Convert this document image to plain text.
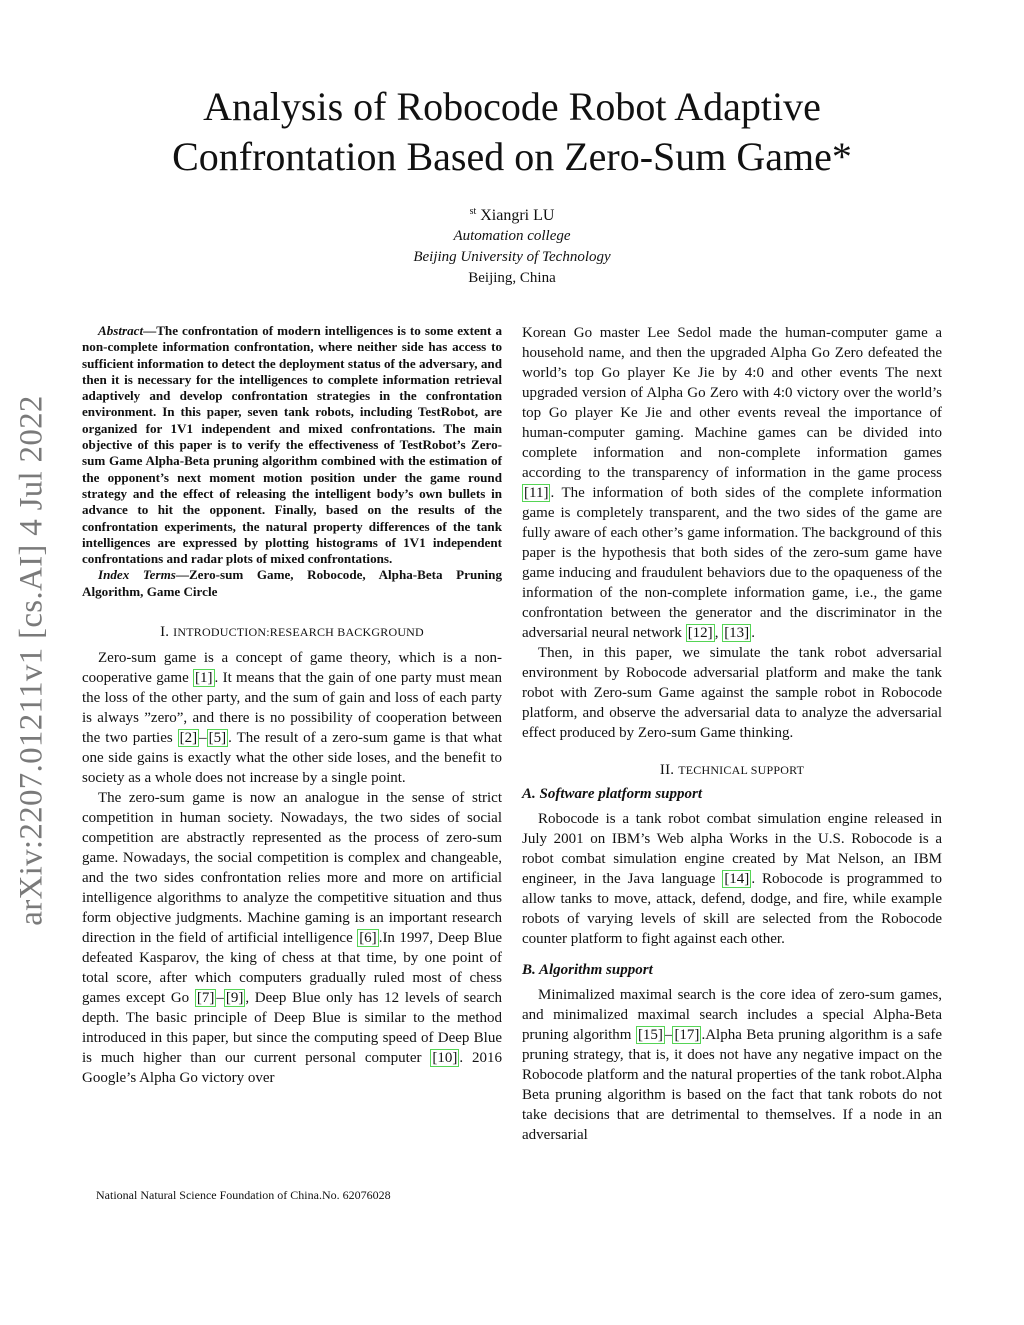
arXiv:2207.01211v1 [cs.AI] 4 Jul 2022
Analysis of Robocode Robot Adaptive
Confrontation Based on Zero-Sum Game*
$^{st}$ Xiangri LU
Automation college
Beijing University of Technology
Beijing, China

Abstract—The confrontation of modern intelligences is to some extent a non-complete information confrontation, where neither side has access to sufficient information to detect the deployment status of the adversary, and then it is necessary for the intelligences to complete information retrieval adaptively and develop confrontation strategies in the confrontation environment. In this paper, seven tank robots, including TestRobot, are organized for 1V1 independent and mixed confrontations. The main objective of this paper is to verify the effectiveness of TestRobot’s Zero-sum Game Alpha-Beta pruning algorithm combined with the estimation of the opponent’s next moment motion position under the game round strategy and the effect of releasing the intelligent body’s own bullets in advance to hit the opponent. Finally, based on the results of the confrontation experiments, the natural property differences of the tank intelligences are expressed by plotting histograms of 1V1 independent confrontations and radar plots of mixed confrontations.

Index Terms—Zero-sum Game, Robocode, Alpha-Beta Pruning Algorithm, Game Circle

I. INTRODUCTION:RESEARCH BACKGROUND

Zero-sum game is a concept of game theory, which is a non-cooperative game [1] . It means that the gain of one party must mean the loss of the other party, and the sum of gain and loss of each party is always ”zero”, and there is no possibility of cooperation between the two parties [2] – [5] . The result of a zero-sum game is that what one side gains is exactly what the other side loses, and the benefit to society as a whole does not increase by a single point.

The zero-sum game is now an analogue in the sense of strict competition in human society. Nowadays, the two sides of social competition are abstractly represented as the process of zero-sum game. Nowadays, the social competition is complex and changeable, and the two sides confrontation relies more and more on artificial intelligence algorithms to analyze the competitive situation and thus form objective judgments. Machine gaming is an important research direction in the field of artificial intelligence [6] .In 1997, Deep Blue defeated Kasparov, the king of chess at that time, by one point of total score, after which computers gradually ruled most of chess games except Go [7] – [9] , Deep Blue only has 12 levels of search depth. The basic principle of Deep Blue is similar to the method introduced in this paper, but since the computing speed of Deep Blue is much higher than our current personal computer [10] . 2016 Google’s Alpha Go victory over

National Natural Science Foundation of China.No. 62076028

Korean Go master Lee Sedol made the human-computer game a household name, and then the upgraded Alpha Go Zero defeated the world’s top Go player Ke Jie by 4:0 and other events The next upgraded version of Alpha Go Zero with 4:0 victory over the world’s top Go player Ke Jie and other events reveal the importance of human-computer gaming. Machine games can be divided into complete information and non-complete information games according to the transparency of information in the game process [11] . The information of both sides of the complete information game is completely transparent, and the two sides of the game are fully aware of each other’s game information. The background of this paper is the hypothesis that both sides of the zero-sum game have game inducing and fraudulent behaviors due to the opaqueness of the information of the non-complete information game, i.e., the game confrontation between the generator and the discriminator in the adversarial neural network [12] , [13] .

Then, in this paper, we simulate the tank robot adversarial environment by Robocode adversarial platform and make the tank robot with Zero-sum Game against the sample robot in Robocode platform, and observe the adversarial data to analyze the adversarial effect produced by Zero-sum Game thinking.

II. TECHNICAL SUPPORT
A. Software platform support

Robocode is a tank robot combat simulation engine released in July 2001 on IBM’s Web alpha Works in the U.S. Robocode is a robot combat simulation engine created by Mat Nelson, an IBM engineer, in the Java language [14] . Robocode is programmed to allow tanks to move, attack, defend, dodge, and fire, while example robots of varying levels of skill are selected from the Robocode counter platform to fight against each other.

B. Algorithm support

Minimalized maximal search is the core idea of zero-sum games, and minimalized maximal search includes a special Alpha-Beta pruning algorithm [15] – [17] .Alpha Beta pruning algorithm is a safe pruning strategy, that is, it does not have any negative impact on the Robocode platform and the natural properties of the tank robot.Alpha Beta pruning algorithm is based on the fact that tank robots do not take decisions that are detrimental to themselves. If a node in an adversarial
